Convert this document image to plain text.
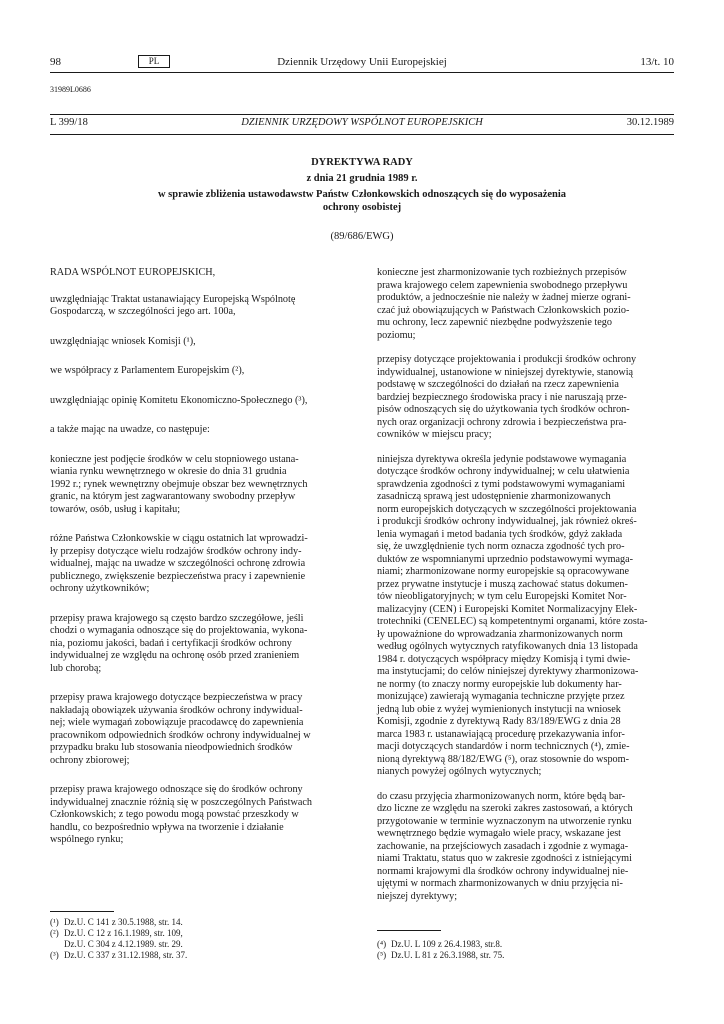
98	PL	Dziennik Urzędowy Unii Europejskiej	13/t. 10
31989L0686
L 399/18	DZIENNIK URZĘDOWY WSPÓLNOT EUROPEJSKICH	30.12.1989
DYREKTYWA RADY
z dnia 21 grudnia 1989 r.
w sprawie zbliżenia ustawodawstw Państw Członkowskich odnoszących się do wyposażenia
ochrony osobistej
(89/686/EWG)
RADA WSPÓLNOT EUROPEJSKICH,
uwzględniając Traktat ustanawiający Europejską Wspólnotę
Gospodarczą, w szczególności jego art. 100a,
uwzględniając wniosek Komisji (¹),
we współpracy z Parlamentem Europejskim (²),
uwzględniając opinię Komitetu Ekonomiczno-Społecznego (³),
a także mając na uwadze, co następuje:
konieczne jest podjęcie środków w celu stopniowego ustana-
wiania rynku wewnętrznego w okresie do dnia 31 grudnia
1992 r.; rynek wewnętrzny obejmuje obszar bez wewnętrznych
granic, na którym jest zagwarantowany swobodny przepływ
towarów, osób, usług i kapitału;
różne Państwa Członkowskie w ciągu ostatnich lat wprowadzi-
ły przepisy dotyczące wielu rodzajów środków ochrony indy-
widualnej, mając na uwadze w szczególności ochronę zdrowia
publicznego, zwiększenie bezpieczeństwa pracy i zapewnienie
ochrony użytkowników;
przepisy prawa krajowego są często bardzo szczegółowe, jeśli
chodzi o wymagania odnoszące się do projektowania, wykona-
nia, poziomu jakości, badań i certyfikacji środków ochrony
indywidualnej ze względu na ochronę osób przed zranieniem
lub chorobą;
przepisy prawa krajowego dotyczące bezpieczeństwa w pracy
nakładają obowiązek używania środków ochrony indywidual-
nej; wiele wymagań zobowiązuje pracodawcę do zapewnienia
pracownikom odpowiednich środków ochrony indywidualnej w
przypadku braku lub stosowania nieodpowiednich środków
ochrony zbiorowej;
przepisy prawa krajowego odnoszące się do środków ochrony
indywidualnej znacznie różnią się w poszczególnych Państwach
Członkowskich; z tego powodu mogą powstać przeszkody w
handlu, co bezpośrednio wpływa na tworzenie i działanie
wspólnego rynku;
konieczne jest zharmonizowanie tych rozbieżnych przepisów
prawa krajowego celem zapewnienia swobodnego przepływu
produktów, a jednocześnie nie należy w żadnej mierze ograni-
czać już obowiązujących w Państwach Członkowskich pozio-
mu ochrony, lecz zapewnić niezbędne podwyższenie tego
poziomu;
przepisy dotyczące projektowania i produkcji środków ochrony
indywidualnej, ustanowione w niniejszej dyrektywie, stanowią
podstawę w szczególności do działań na rzecz zapewnienia
bardziej bezpiecznego środowiska pracy i nie naruszają prze-
pisów odnoszących się do użytkowania tych środków ochron-
nych oraz organizacji ochrony zdrowia i bezpieczeństwa pra-
cowników w miejscu pracy;
niniejsza dyrektywa określa jedynie podstawowe wymagania
dotyczące środków ochrony indywidualnej; w celu ułatwienia
sprawdzenia zgodności z tymi podstawowymi wymaganiami
zasadniczą sprawą jest udostępnienie zharmonizowanych
norm europejskich dotyczących w szczególności projektowania
i produkcji środków ochrony indywidualnej, jak również okreś-
lenia wymagań i metod badania tych środków, gdyż zakłada
się, że uwzględnienie tych norm oznacza zgodność tych pro-
duktów ze wspomnianymi uprzednio podstawowymi wymaga-
niami; zharmonizowane normy europejskie są opracowywane
przez prywatne instytucje i muszą zachować status dokumen-
tów nieobligatoryjnych; w tym celu Europejski Komitet Nor-
malizacyjny (CEN) i Europejski Komitet Normalizacyjny Elek-
trotechniki (CENELEC) są kompetentnymi organami, które zosta-
ły upoważnione do wprowadzania zharmonizowanych norm
według ogólnych wytycznych ratyfikowanych dnia 13 listopada
1984 r. dotyczących współpracy między Komisją i tymi dwie-
ma instytucjami; do celów niniejszej dyrektywy zharmonizowa-
ne normy (to znaczy normy europejskie lub dokumenty har-
monizujące) zawierają wymagania techniczne przyjęte przez
jedną lub obie z wyżej wymienionych instytucji na wniosek
Komisji, zgodnie z dyrektywą Rady 83/189/EWG z dnia 28
marca 1983 r. ustanawiającą procedurę przekazywania infor-
macji dotyczących standardów i norm technicznych (⁴), zmie-
nioną dyrektywą 88/182/EWG (⁵), oraz stosownie do wspom-
nianych powyżej ogólnych wytycznych;
do czasu przyjęcia zharmonizowanych norm, które będą bar-
dzo liczne ze względu na szeroki zakres zastosowań, a których
przygotowanie w terminie wyznaczonym na utworzenie rynku
wewnętrznego będzie wymagało wiele pracy, wskazane jest
zachowanie, na przejściowych zasadach i zgodnie z wymaga-
niami Traktatu, status quo w zakresie zgodności z istniejącymi
normami krajowymi dla środków ochrony indywidualnej nie-
ujętymi w normach zharmonizowanych w dniu przyjęcia ni-
niejszej dyrektywy;
(¹) Dz.U. C 141 z 30.5.1988, str. 14.
(²) Dz.U. C 12 z 16.1.1989, str. 109,
Dz.U. C 304 z 4.12.1989. str. 29.
(³) Dz.U. C 337 z 31.12.1988, str. 37.
(⁴) Dz.U. L 109 z 26.4.1983, str.8.
(⁵) Dz.U. L 81 z 26.3.1988, str. 75.
